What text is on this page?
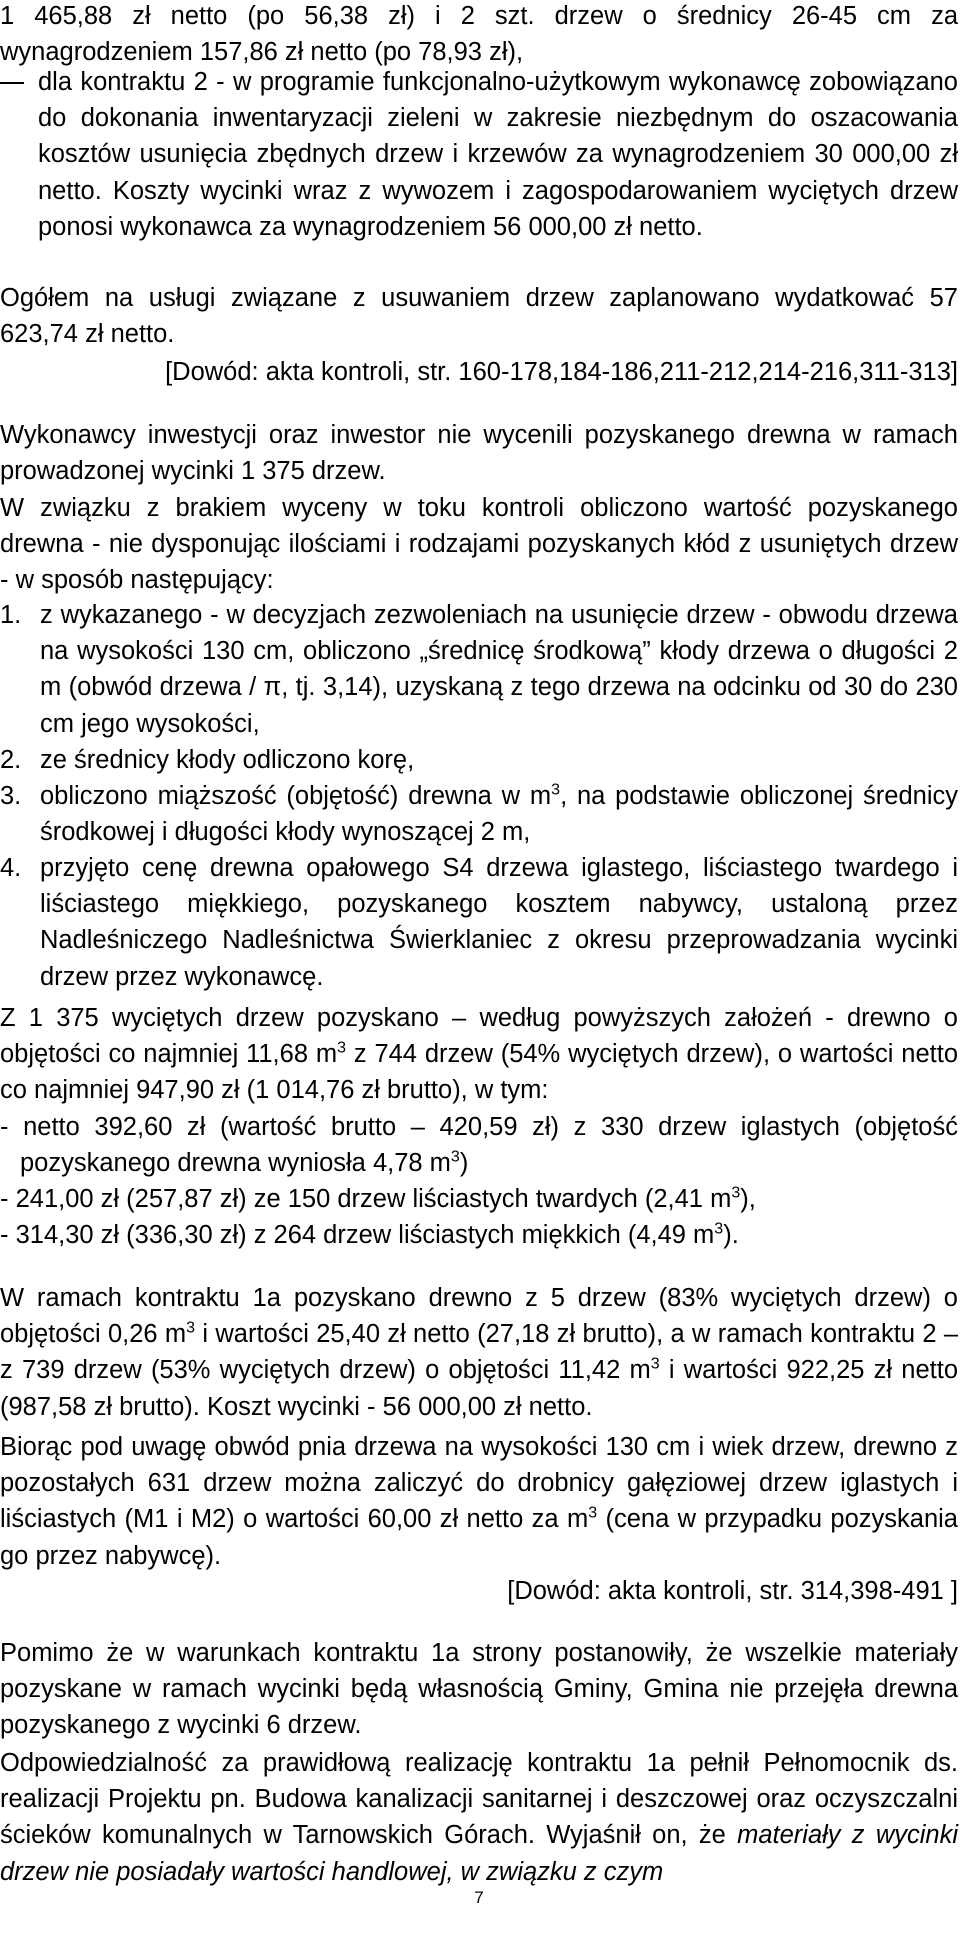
1 465,88 zł netto (po 56,38 zł) i 2 szt. drzew o średnicy 26-45 cm za wynagrodzeniem 157,86 zł netto (po 78,93 zł),
dla kontraktu 2 - w programie funkcjonalno-użytkowym wykonawcę zobowiązano do dokonania inwentaryzacji zieleni w zakresie niezbędnym do oszacowania kosztów usunięcia zbędnych drzew i krzewów za wynagrodzeniem 30 000,00 zł netto. Koszty wycinki wraz z wywozem i zagospodarowaniem wyciętych drzew ponosi wykonawca za wynagrodzeniem 56 000,00 zł netto.
Ogółem na usługi związane z usuwaniem drzew zaplanowano wydatkować 57 623,74 zł netto.
[Dowód: akta kontroli, str. 160-178,184-186,211-212,214-216,311-313]
Wykonawcy inwestycji oraz inwestor nie wycenili pozyskanego drewna w ramach prowadzonej wycinki 1 375 drzew.
W związku z brakiem wyceny w toku kontroli obliczono wartość pozyskanego drewna - nie dysponując ilościami i rodzajami pozyskanych kłód z usuniętych drzew - w sposób następujący:
1. z wykazanego - w decyzjach zezwoleniach na usunięcie drzew - obwodu drzewa na wysokości 130 cm, obliczono „średnicę środkową” kłody drzewa o długości 2 m (obwód drzewa / π, tj. 3,14), uzyskaną z tego drzewa na odcinku od 30 do 230 cm jego wysokości,
2. ze średnicy kłody odliczono korę,
3. obliczono miąższość (objętość) drewna w $m^3$, na podstawie obliczonej średnicy środkowej i długości kłody wynoszącej 2 m,
4. przyjęto cenę drewna opałowego S4 drzewa iglastego, liściastego twardego i liściastego miękkiego, pozyskanego kosztem nabywcy, ustaloną przez Nadleśniczego Nadleśnictwa Świerklaniec z okresu przeprowadzania wycinki drzew przez wykonawcę.
Z 1 375 wyciętych drzew pozyskano – według powyższych założeń - drewno o objętości co najmniej 11,68 $m^3$ z 744 drzew (54% wyciętych drzew), o wartości netto co najmniej 947,90 zł (1 014,76 zł brutto), w tym:
- netto 392,60 zł (wartość brutto – 420,59 zł) z 330 drzew iglastych (objętość pozyskanego drewna wyniosła 4,78 $m^3$)
- 241,00 zł (257,87 zł) ze 150 drzew liściastych twardych (2,41 $m^3$),
- 314,30 zł (336,30 zł) z 264 drzew liściastych miękkich (4,49 $m^3$).
W ramach kontraktu 1a pozyskano drewno z 5 drzew (83% wyciętych drzew) o objętości 0,26 $m^3$ i wartości 25,40 zł netto (27,18 zł brutto), a w ramach kontraktu 2 – z 739 drzew (53% wyciętych drzew) o objętości 11,42 $m^3$ i wartości 922,25 zł netto (987,58 zł brutto). Koszt wycinki - 56 000,00 zł netto.
Biorąc pod uwagę obwód pnia drzewa na wysokości 130 cm i wiek drzew, drewno z pozostałych 631 drzew można zaliczyć do drobnicy gałęziowej drzew iglastych i liściastych (M1 i M2) o wartości 60,00 zł netto za $m^3$ (cena w przypadku pozyskania go przez nabywcę).
[Dowód: akta kontroli, str. 314,398-491 ]
Pomimo że w warunkach kontraktu 1a strony postanowiły, że wszelkie materiały pozyskane w ramach wycinki będą własnością Gminy, Gmina nie przejęła drewna pozyskanego z wycinki 6 drzew.
Odpowiedzialność za prawidłową realizację kontraktu 1a pełnił Pełnomocnik ds. realizacji Projektu pn. Budowa kanalizacji sanitarnej i deszczowej oraz oczyszczalni ścieków komunalnych w Tarnowskich Górach. Wyjaśnił on, że materiały z wycinki drzew nie posiadały wartości handlowej, w związku z czym
7
